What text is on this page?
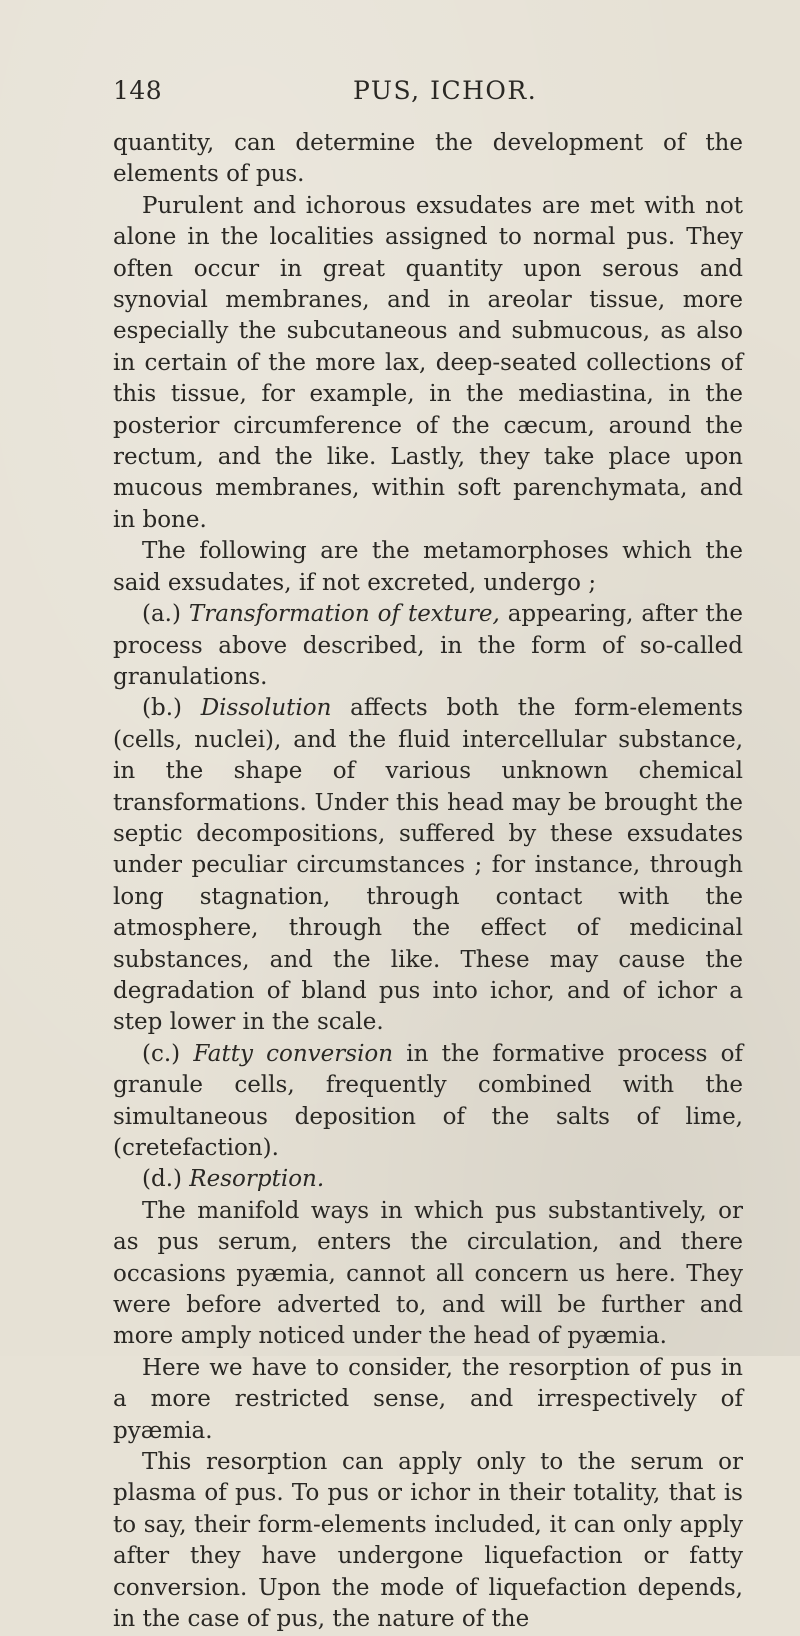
148	PUS, ICHOR.

quantity, can determine the development of the elements of pus.

Purulent and ichorous exsudates are met with not alone in the localities assigned to normal pus. They often occur in great quantity upon serous and synovial membranes, and in areolar tissue, more especially the subcutaneous and submucous, as also in certain of the more lax, deep-seated collections of this tissue, for example, in the mediastina, in the posterior circumference of the cæcum, around the rectum, and the like. Lastly, they take place upon mucous membranes, within soft parenchymata, and in bone.

The following are the metamorphoses which the said exsudates, if not excreted, undergo ;

(a.) Transformation of texture, appearing, after the process above described, in the form of so-called granulations.

(b.) Dissolution affects both the form-elements (cells, nuclei), and the fluid intercellular substance, in the shape of various unknown chemical transformations. Under this head may be brought the septic decompositions, suffered by these exsudates under peculiar circumstances ; for instance, through long stagnation, through contact with the atmosphere, through the effect of medicinal substances, and the like. These may cause the degradation of bland pus into ichor, and of ichor a step lower in the scale.

(c.) Fatty conversion in the formative process of granule cells, frequently combined with the simultaneous deposition of the salts of lime, (cretefaction).

(d.) Resorption.

The manifold ways in which pus substantively, or as pus serum, enters the circulation, and there occasions pyæmia, cannot all concern us here. They were before adverted to, and will be further and more amply noticed under the head of pyæmia.

Here we have to consider, the resorption of pus in a more restricted sense, and irrespectively of pyæmia.

This resorption can apply only to the serum or plasma of pus. To pus or ichor in their totality, that is to say, their form-elements included, it can only apply after they have undergone liquefaction or fatty conversion. Upon the mode of liquefaction depends, in the case of pus, the nature of the
